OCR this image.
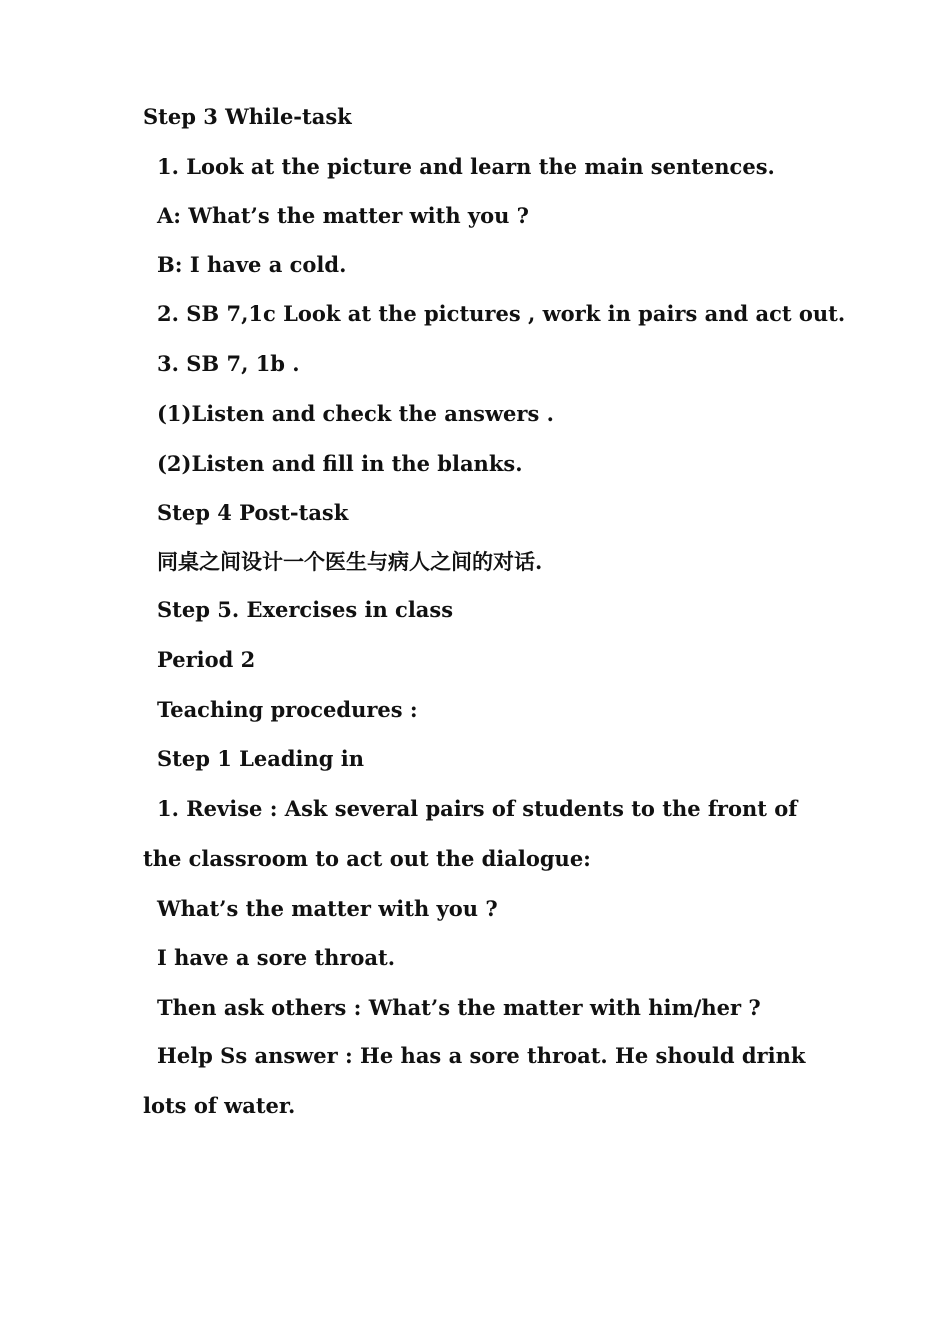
Step 3 While-task
1. Look at the picture and learn the main sentences.
A: What’s the matter with you ?
B: I have a cold.
2. SB 7,1c Look at the pictures , work in pairs and act out.
3. SB 7, 1b .
(1)Listen and check the answers .
(2)Listen and fill in the blanks.
Step 4 Post-task
同桌之间设计一个医生与病人之间的对话.
Step 5. Exercises in class
Period 2
Teaching procedures :
Step 1 Leading in
1. Revise : Ask several pairs of students to the front of
the classroom to act out the dialogue:
What’s the matter with you ?
I have a sore throat.
Then ask others : What’s the matter with him/her ?
Help Ss answer : He has a sore throat. He should drink
lots of water.
